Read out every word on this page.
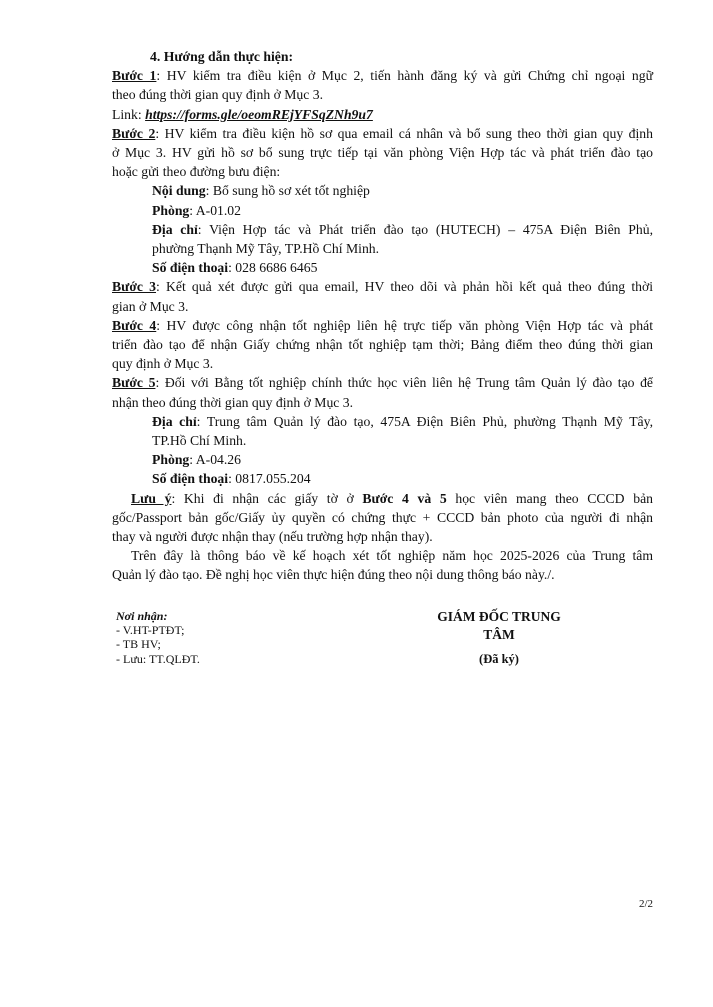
4. Hướng dẫn thực hiện:
Bước 1: HV kiểm tra điều kiện ở Mục 2, tiến hành đăng ký và gửi Chứng chỉ ngoại ngữ
theo đúng thời gian quy định ở Mục 3.
Link: https://forms.gle/oeomREjYFSqZNh9u7
Bước 2: HV kiểm tra điều kiện hồ sơ qua email cá nhân và bổ sung theo thời gian quy định
ở Mục 3. HV gửi hồ sơ bổ sung trực tiếp tại văn phòng Viện Hợp tác và phát triển đào tạo
hoặc gửi theo đường bưu điện:
Nội dung: Bổ sung hồ sơ xét tốt nghiệp
Phòng: A-01.02
Địa chỉ: Viện Hợp tác và Phát triển đào tạo (HUTECH) – 475A Điện Biên Phủ,
phường Thạnh Mỹ Tây, TP.Hồ Chí Minh.
Số điện thoại: 028 6686 6465
Bước 3: Kết quả xét được gửi qua email, HV theo dõi và phản hồi kết quả theo đúng thời
gian ở Mục 3.
Bước 4: HV được công nhận tốt nghiệp liên hệ trực tiếp văn phòng Viện Hợp tác và phát
triển đào tạo để nhận Giấy chứng nhận tốt nghiệp tạm thời; Bảng điểm theo đúng thời gian
quy định ở Mục 3.
Bước 5: Đối với Bằng tốt nghiệp chính thức học viên liên hệ Trung tâm Quản lý đào tạo để
nhận theo đúng thời gian quy định ở Mục 3.
Địa chỉ: Trung tâm Quản lý đào tạo, 475A Điện Biên Phủ, phường Thạnh Mỹ Tây,
TP.Hồ Chí Minh.
Phòng: A-04.26
Số điện thoại: 0817.055.204
Lưu ý: Khi đi nhận các giấy tờ ở Bước 4 và 5 học viên mang theo CCCD bản
gốc/Passport bản gốc/Giấy ủy quyền có chứng thực + CCCD bản photo của người đi nhận
thay và người được nhận thay (nếu trường hợp nhận thay).
Trên đây là thông báo về kế hoạch xét tốt nghiệp năm học 2025-2026 của Trung tâm
Quản lý đào tạo. Đề nghị học viên thực hiện đúng theo nội dung thông báo này./.
Nơi nhận:
- V.HT-PTĐT;
- TB HV;
- Lưu: TT.QLĐT.
GIÁM ĐỐC TRUNG TÂM
(Đã ký)
2/2
